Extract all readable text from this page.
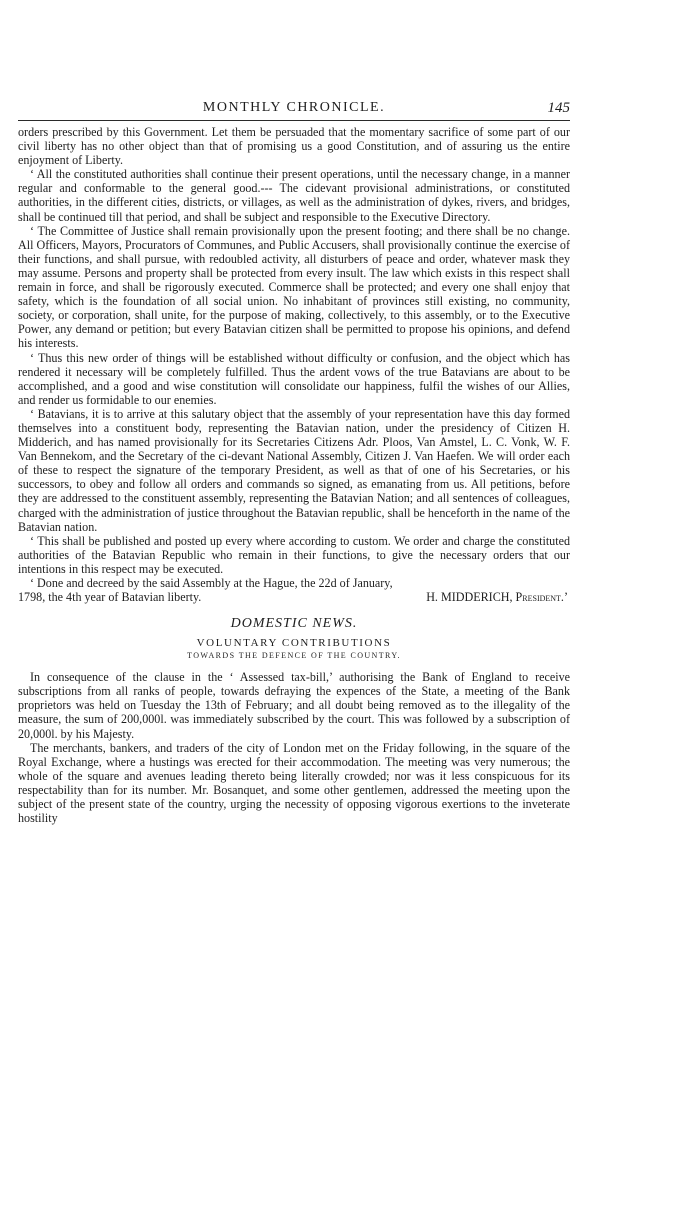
MONTHLY CHRONICLE.	145

orders prescribed by this Government. Let them be persuaded that the momentary sacrifice of some part of our civil liberty has no other object than that of promising us a good Constitution, and of assuring us the entire enjoyment of Liberty.

‘ All the constituted authorities shall continue their present operations, until the necessary change, in a manner regular and conformable to the general good.--- The cidevant provisional administrations, or constituted authorities, in the different cities, districts, or villages, as well as the administration of dykes, rivers, and bridges, shall be continued till that period, and shall be subject and responsible to the Executive Directory.

‘ The Committee of Justice shall remain provisionally upon the present footing; and there shall be no change. All Officers, Mayors, Procurators of Communes, and Public Accusers, shall provisionally continue the exercise of their functions, and shall pursue, with redoubled activity, all disturbers of peace and order, whatever mask they may assume. Persons and property shall be protected from every insult. The law which exists in this respect shall remain in force, and shall be rigorously executed. Commerce shall be protected; and every one shall enjoy that safety, which is the foundation of all social union. No inhabitant of provinces still existing, no community, society, or corporation, shall unite, for the purpose of making, collectively, to this assembly, or to the Executive Power, any demand or petition; but every Batavian citizen shall be permitted to propose his opinions, and defend his interests.

‘ Thus this new order of things will be established without difficulty or confusion, and the object which has rendered it necessary will be completely fulfilled. Thus the ardent vows of the true Batavians are about to be accomplished, and a good and wise constitution will consolidate our happiness, fulfil the wishes of our Allies, and render us formidable to our enemies.

‘ Batavians, it is to arrive at this salutary object that the assembly of your representation have this day formed themselves into a constituent body, representing the Batavian nation, under the presidency of Citizen H. Midderich, and has named provisionally for its Secretaries Citizens Adr. Ploos, Van Amstel, L. C. Vonk, W. F. Van Bennekom, and the Secretary of the ci-devant National Assembly, Citizen J. Van Haefen. We will order each of these to respect the signature of the temporary President, as well as that of one of his Secretaries, or his successors, to obey and follow all orders and commands so signed, as emanating from us. All petitions, before they are addressed to the constituent assembly, representing the Batavian Nation; and all sentences of colleagues, charged with the administration of justice throughout the Batavian republic, shall be henceforth in the name of the Batavian nation.

‘ This shall be published and posted up every where according to custom. We order and charge the constituted authorities of the Batavian Republic who remain in their functions, to give the necessary orders that our intentions in this respect may be executed.

‘ Done and decreed by the said Assembly at the Hague, the 22d of January,

1798, the 4th year of Batavian liberty.	H. MIDDERICH, President.’
DOMESTIC NEWS.
VOLUNTARY CONTRIBUTIONS
TOWARDS THE DEFENCE OF THE COUNTRY.

In consequence of the clause in the ‘ Assessed tax-bill,’ authorising the Bank of England to receive subscriptions from all ranks of people, towards defraying the expences of the State, a meeting of the Bank proprietors was held on Tuesday the 13th of February; and all doubt being removed as to the illegality of the measure, the sum of 200,000l. was immediately subscribed by the court. This was followed by a subscription of 20,000l. by his Majesty.

The merchants, bankers, and traders of the city of London met on the Friday following, in the square of the Royal Exchange, where a hustings was erected for their accommodation. The meeting was very numerous; the whole of the square and avenues leading thereto being literally crowded; nor was it less conspicuous for its respectability than for its number. Mr. Bosanquet, and some other gentlemen, addressed the meeting upon the subject of the present state of the country, urging the necessity of opposing vigorous exertions to the inveterate hostility
